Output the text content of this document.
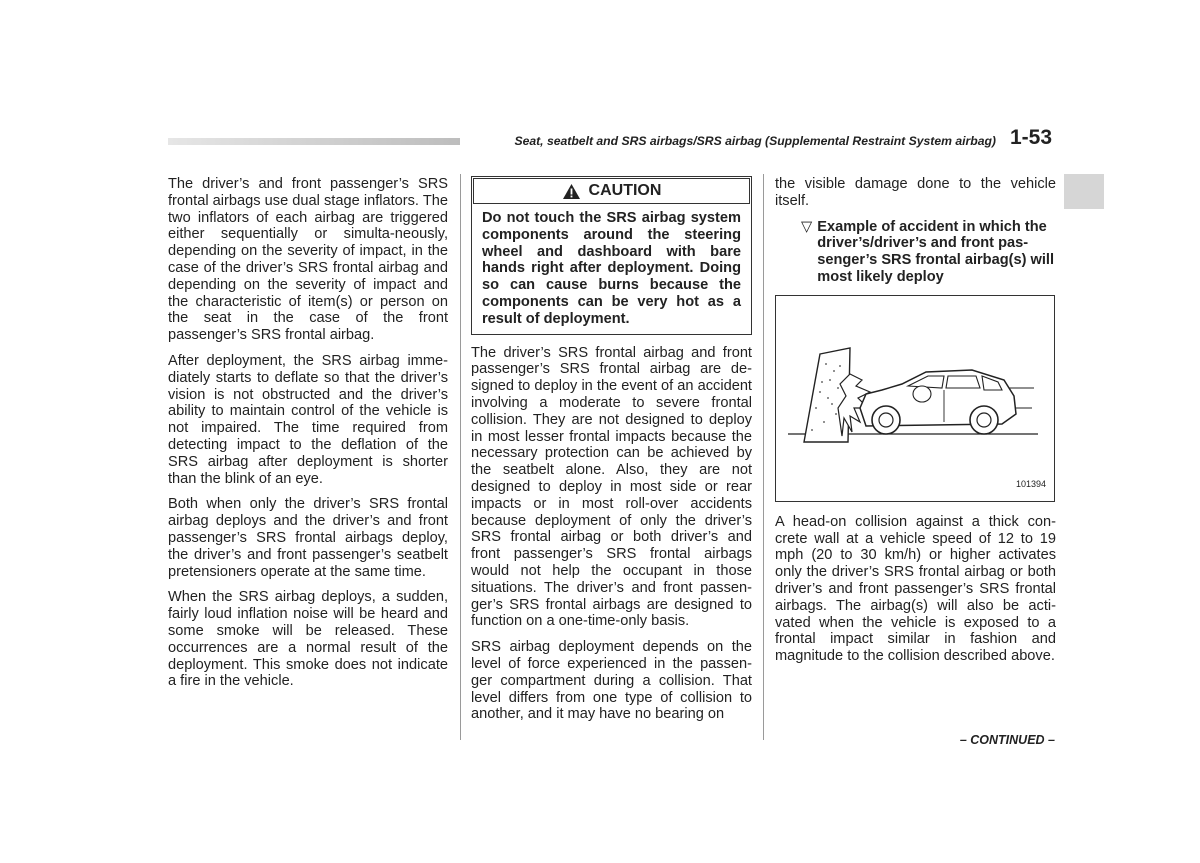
Seat, seatbelt and SRS airbags/SRS airbag (Supplemental Restraint System airbag) 1-53

The driver’s and front passenger’s SRS frontal airbags use dual stage inflators. The two inflators of each airbag are triggered either sequentially or simulta-neously, depending on the severity of impact, in the case of the driver’s SRS frontal airbag and depending on the severity of impact and the characteristic of item(s) or person on the seat in the case of the front passenger’s SRS frontal airbag.

After deployment, the SRS airbag imme-diately starts to deflate so that the driver’s vision is not obstructed and the driver’s ability to maintain control of the vehicle is not impaired. The time required from detecting impact to the deflation of the SRS airbag after deployment is shorter than the blink of an eye.

Both when only the driver’s SRS frontal airbag deploys and the driver’s and front passenger’s SRS frontal airbags deploy, the driver’s and front passenger’s seatbelt pretensioners operate at the same time.

When the SRS airbag deploys, a sudden, fairly loud inflation noise will be heard and some smoke will be released. These occurrences are a normal result of the deployment. This smoke does not indicate a fire in the vehicle.

CAUTION
Do not touch the SRS airbag system components around the steering wheel and dashboard with bare hands right after deployment. Doing so can cause burns because the components can be very hot as a result of deployment.

The driver’s SRS frontal airbag and front passenger’s SRS frontal airbag are de-signed to deploy in the event of an accident involving a moderate to severe frontal collision. They are not designed to deploy in most lesser frontal impacts because the necessary protection can be achieved by the seatbelt alone. Also, they are not designed to deploy in most side or rear impacts or in most roll-over accidents because deployment of only the driver’s SRS frontal airbag or both driver’s and front passenger’s SRS frontal airbags would not help the occupant in those situations. The driver’s and front passen-ger’s SRS frontal airbags are designed to function on a one-time-only basis.

SRS airbag deployment depends on the level of force experienced in the passen-ger compartment during a collision. That level differs from one type of collision to another, and it may have no bearing on

the visible damage done to the vehicle itself.

▽ Example of accident in which the driver’s/driver’s and front pas-senger’s SRS frontal airbag(s) will most likely deploy
101394

A head-on collision against a thick con-crete wall at a vehicle speed of 12 to 19 mph (20 to 30 km/h) or higher activates only the driver’s SRS frontal airbag or both driver’s and front passenger’s SRS frontal airbags. The airbag(s) will also be acti-vated when the vehicle is exposed to a frontal impact similar in fashion and magnitude to the collision described above.

– CONTINUED –
